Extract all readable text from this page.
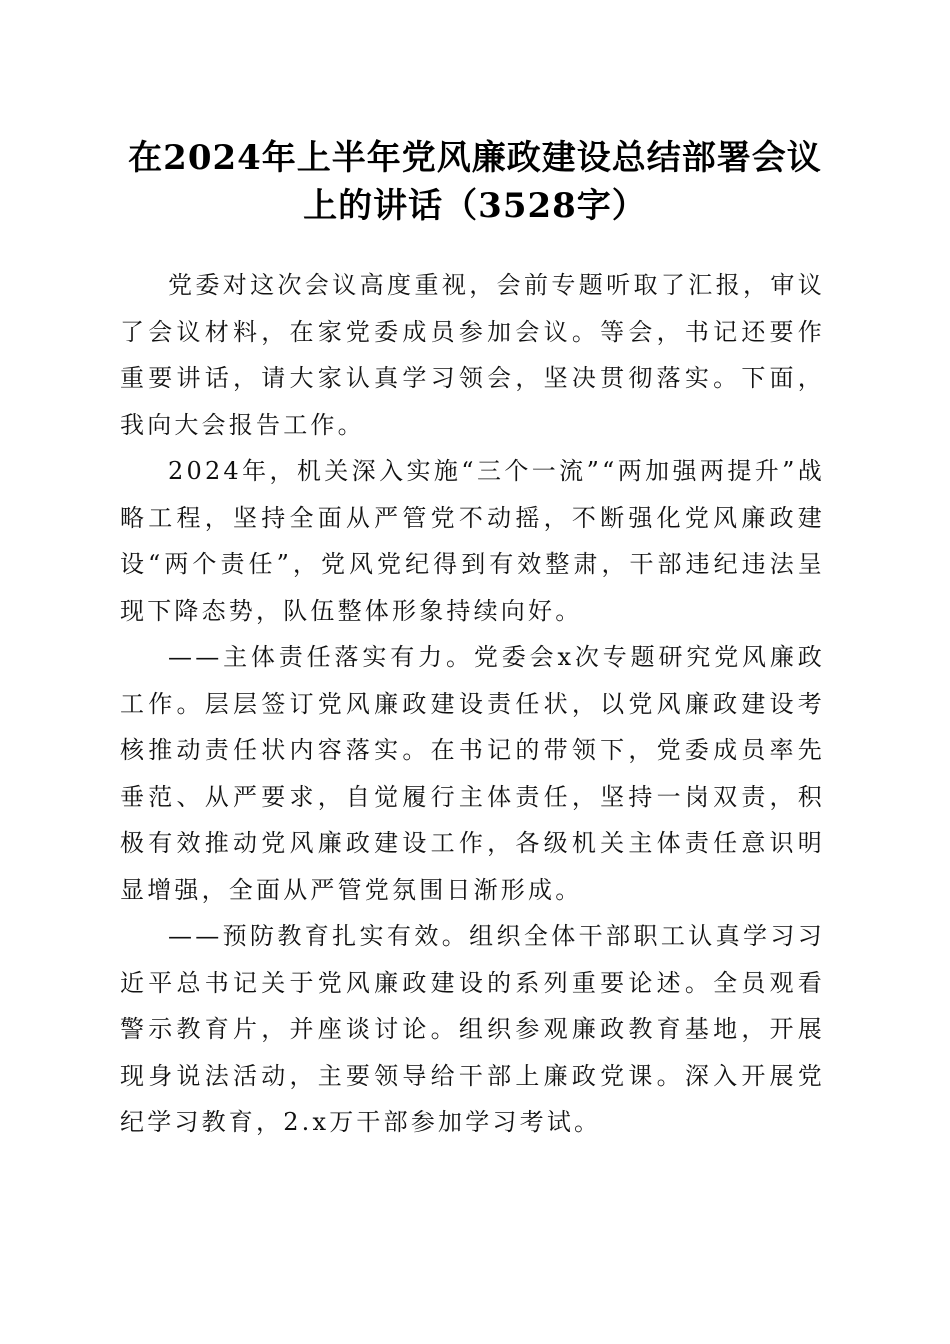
在2024年上半年党风廉政建设总结部署会议
上的讲话（3528字）

党委对这次会议高度重视，会前专题听取了汇报，审议了会议材料，在家党委成员参加会议。等会，书记还要作重要讲话，请大家认真学习领会，坚决贯彻落实。下面，我向大会报告工作。

2024年，机关深入实施“三个一流”“两加强两提升”战略工程，坚持全面从严管党不动摇，不断强化党风廉政建设“两个责任”，党风党纪得到有效整肃，干部违纪违法呈现下降态势，队伍整体形象持续向好。

——主体责任落实有力。党委会x次专题研究党风廉政工作。层层签订党风廉政建设责任状，以党风廉政建设考核推动责任状内容落实。在书记的带领下，党委成员率先垂范、从严要求，自觉履行主体责任，坚持一岗双责，积极有效推动党风廉政建设工作，各级机关主体责任意识明显增强，全面从严管党氛围日渐形成。

——预防教育扎实有效。组织全体干部职工认真学习习近平总书记关于党风廉政建设的系列重要论述。全员观看警示教育片，并座谈讨论。组织参观廉政教育基地，开展现身说法活动，主要领导给干部上廉政党课。深入开展党纪学习教育，2.x万干部参加学习考试。
